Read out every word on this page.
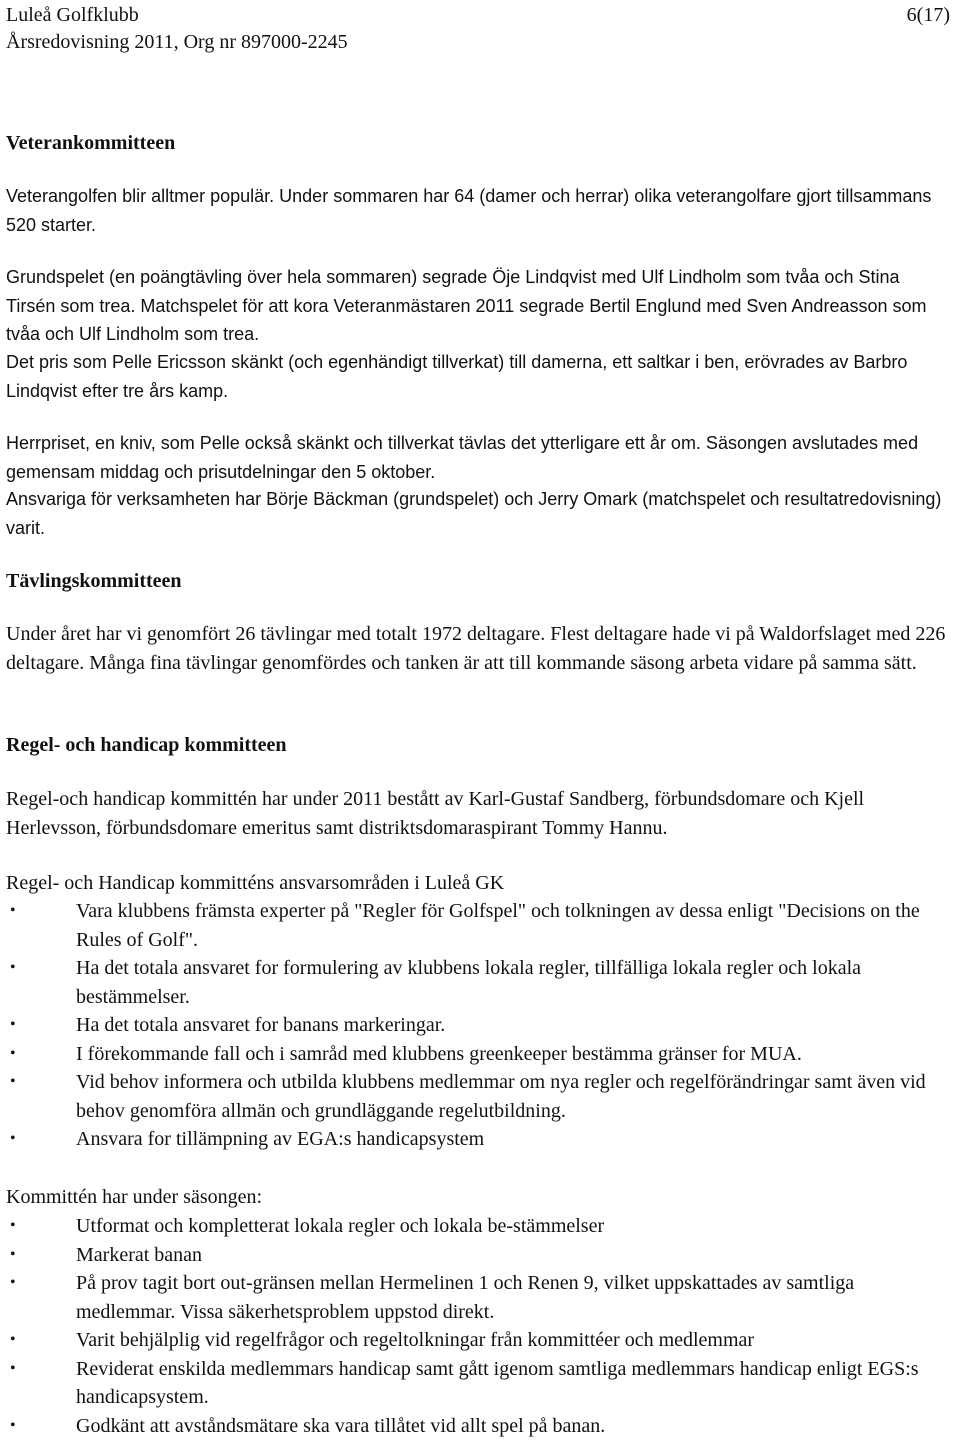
Luleå Golfklubb
Årsredovisning 2011, Org nr 897000-2245
6(17)
Veterankommitteen
Veterangolfen blir alltmer populär. Under sommaren har 64 (damer och herrar) olika veterangolfare gjort tillsammans 520 starter.
Grundspelet (en poängtävling över hela sommaren) segrade Öje Lindqvist med Ulf Lindholm som tvåa och Stina Tirsén som trea. Matchspelet för att kora Veteranmästaren 2011 segrade Bertil Englund med Sven Andreasson som tvåa och Ulf Lindholm som trea.
Det pris som Pelle Ericsson skänkt (och egenhändigt tillverkat) till damerna, ett saltkar i ben, erövrades av Barbro Lindqvist efter tre års kamp.
Herrpriset, en kniv, som Pelle också skänkt och tillverkat tävlas det ytterligare ett år om. Säsongen avslutades med gemensam middag och prisutdelningar den 5 oktober.
Ansvariga för verksamheten har Börje Bäckman (grundspelet) och Jerry Omark (matchspelet och resultatredovisning) varit.
Tävlingskommitteen
Under året har vi genomfört 26 tävlingar med totalt 1972 deltagare. Flest deltagare hade vi på Waldorfslaget med 226 deltagare. Många fina tävlingar genomfördes och tanken är att till kommande säsong arbeta vidare på samma sätt.
Regel- och handicap kommitteen
Regel-och handicap kommittén har under 2011 bestått av Karl-Gustaf Sandberg, förbundsdomare och Kjell Herlevsson, förbundsdomare emeritus samt distriktsdomaraspirant Tommy Hannu.
Regel- och Handicap kommitténs ansvarsområden i Luleå GK
•	Vara klubbens främsta experter på "Regler för Golfspel" och tolkningen av dessa enligt "Decisions on the Rules of Golf".
•	Ha det totala ansvaret for formulering av klubbens lokala regler, tillfälliga lokala regler och lokala bestämmelser.
•	Ha det totala ansvaret for banans markeringar.
•	I förekommande fall och i samråd med klubbens greenkeeper bestämma gränser for MUA.
•	Vid behov informera och utbilda klubbens medlemmar om nya regler och regelförändringar samt även vid behov genomföra allmän och grundläggande regelutbildning.
•	Ansvara for tillämpning av EGA:s handicapsystem
Kommittén har under säsongen:
•	Utformat och kompletterat lokala regler och lokala be-stämmelser
•	Markerat banan
•	På prov tagit bort out-gränsen mellan Hermelinen 1 och Renen 9, vilket uppskattades av samtliga medlemmar. Vissa säkerhetsproblem uppstod direkt.
•	Varit behjälplig vid regelfrågor och regeltolkningar från kommittéer och medlemmar
•	Reviderat enskilda medlemmars handicap samt gått igenom samtliga medlemmars handicap enligt EGS:s handicapsystem.
•	Godkänt att avståndsmätare ska vara tillåtet vid allt spel på banan.
